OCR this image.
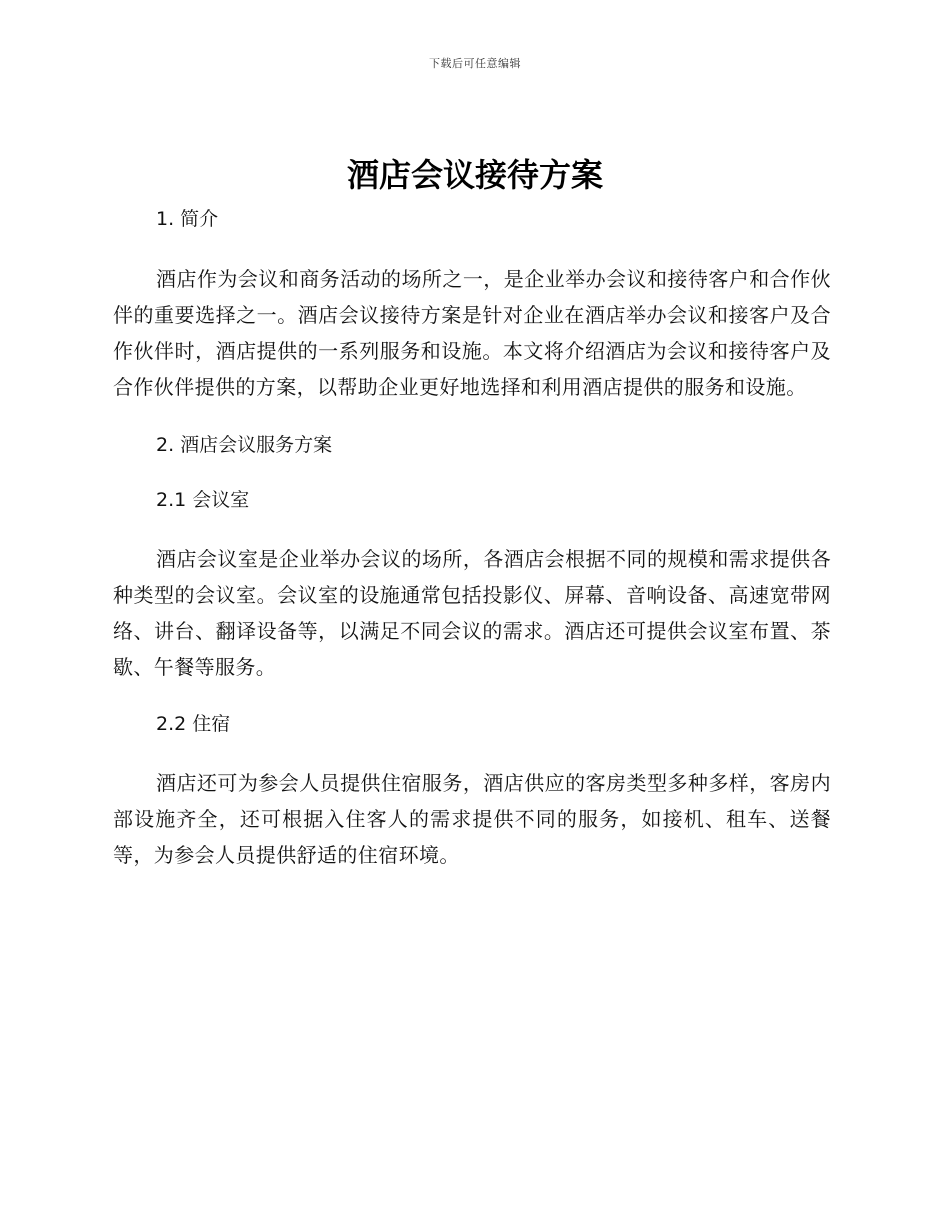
下载后可任意编辑
酒店会议接待方案
1. 简介

酒店作为会议和商务活动的场所之一，是企业举办会议和接待客户和合作伙伴的重要选择之一。酒店会议接待方案是针对企业在酒店举办会议和接客户及合作伙伴时，酒店提供的一系列服务和设施。本文将介绍酒店为会议和接待客户及合作伙伴提供的方案，以帮助企业更好地选择和利用酒店提供的服务和设施。

2. 酒店会议服务方案
2.1 会议室

酒店会议室是企业举办会议的场所，各酒店会根据不同的规模和需求提供各种类型的会议室。会议室的设施通常包括投影仪、屏幕、音响设备、高速宽带网络、讲台、翻译设备等，以满足不同会议的需求。酒店还可提供会议室布置、茶歇、午餐等服务。

2.2 住宿

酒店还可为参会人员提供住宿服务，酒店供应的客房类型多种多样，客房内部设施齐全，还可根据入住客人的需求提供不同的服务，如接机、租车、送餐等，为参会人员提供舒适的住宿环境。
